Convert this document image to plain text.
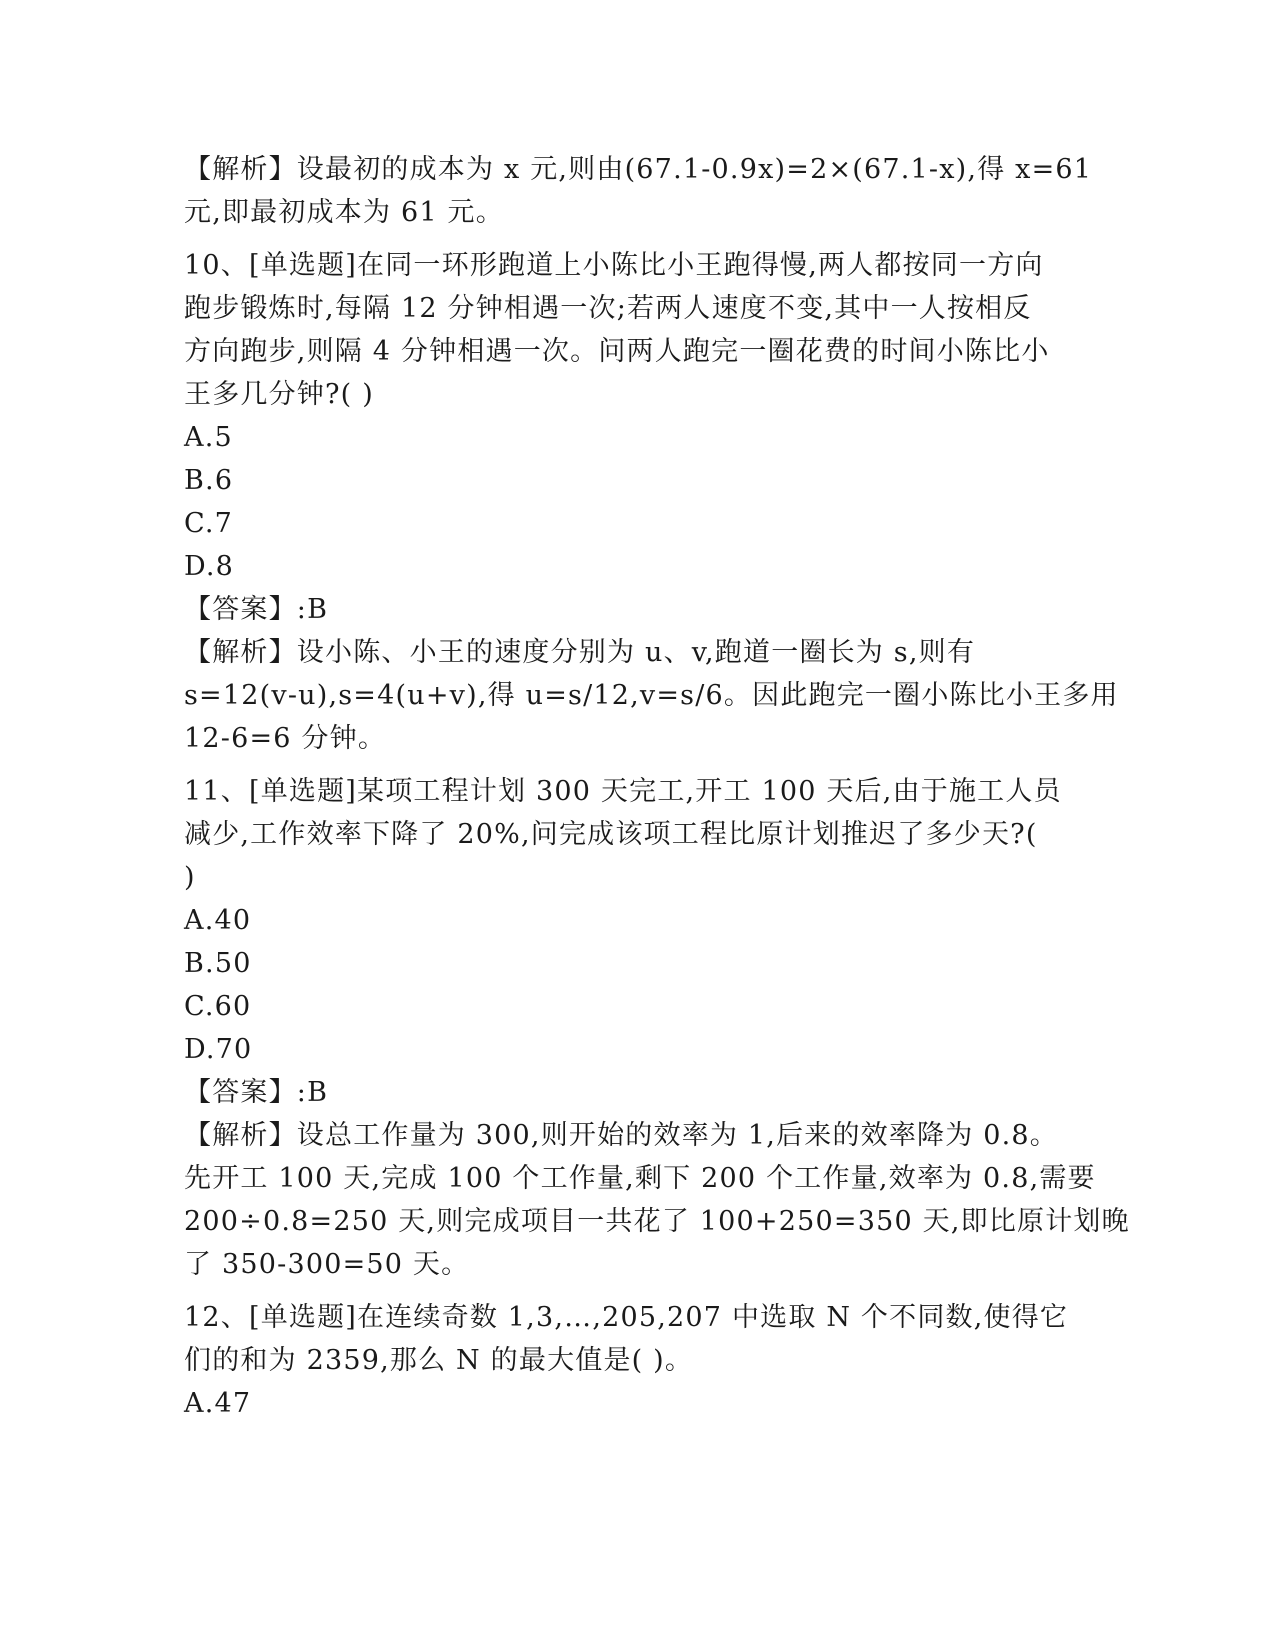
【解析】设最初的成本为 x 元,则由(67.1-0.9x)=2×(67.1-x),得 x=61
元,即最初成本为 61 元。
10、[单选题]在同一环形跑道上小陈比小王跑得慢,两人都按同一方向
跑步锻炼时,每隔 12 分钟相遇一次;若两人速度不变,其中一人按相反
方向跑步,则隔 4 分钟相遇一次。问两人跑完一圈花费的时间小陈比小
王多几分钟?( )
A.5
B.6
C.7
D.8
【答案】:B
【解析】设小陈、小王的速度分别为 u、v,跑道一圈长为 s,则有
s=12(v-u),s=4(u+v),得 u=s/12,v=s/6。因此跑完一圈小陈比小王多用
12-6=6 分钟。
11、[单选题]某项工程计划 300 天完工,开工 100 天后,由于施工人员
减少,工作效率下降了 20%,问完成该项工程比原计划推迟了多少天?(
)
A.40
B.50
C.60
D.70
【答案】:B
【解析】设总工作量为 300,则开始的效率为 1,后来的效率降为 0.8。
先开工 100 天,完成 100 个工作量,剩下 200 个工作量,效率为 0.8,需要
200÷0.8=250 天,则完成项目一共花了 100+250=350 天,即比原计划晚
了 350-300=50 天。
12、[单选题]在连续奇数 1,3,…,205,207 中选取 N 个不同数,使得它
们的和为 2359,那么 N 的最大值是( )。
A.47
